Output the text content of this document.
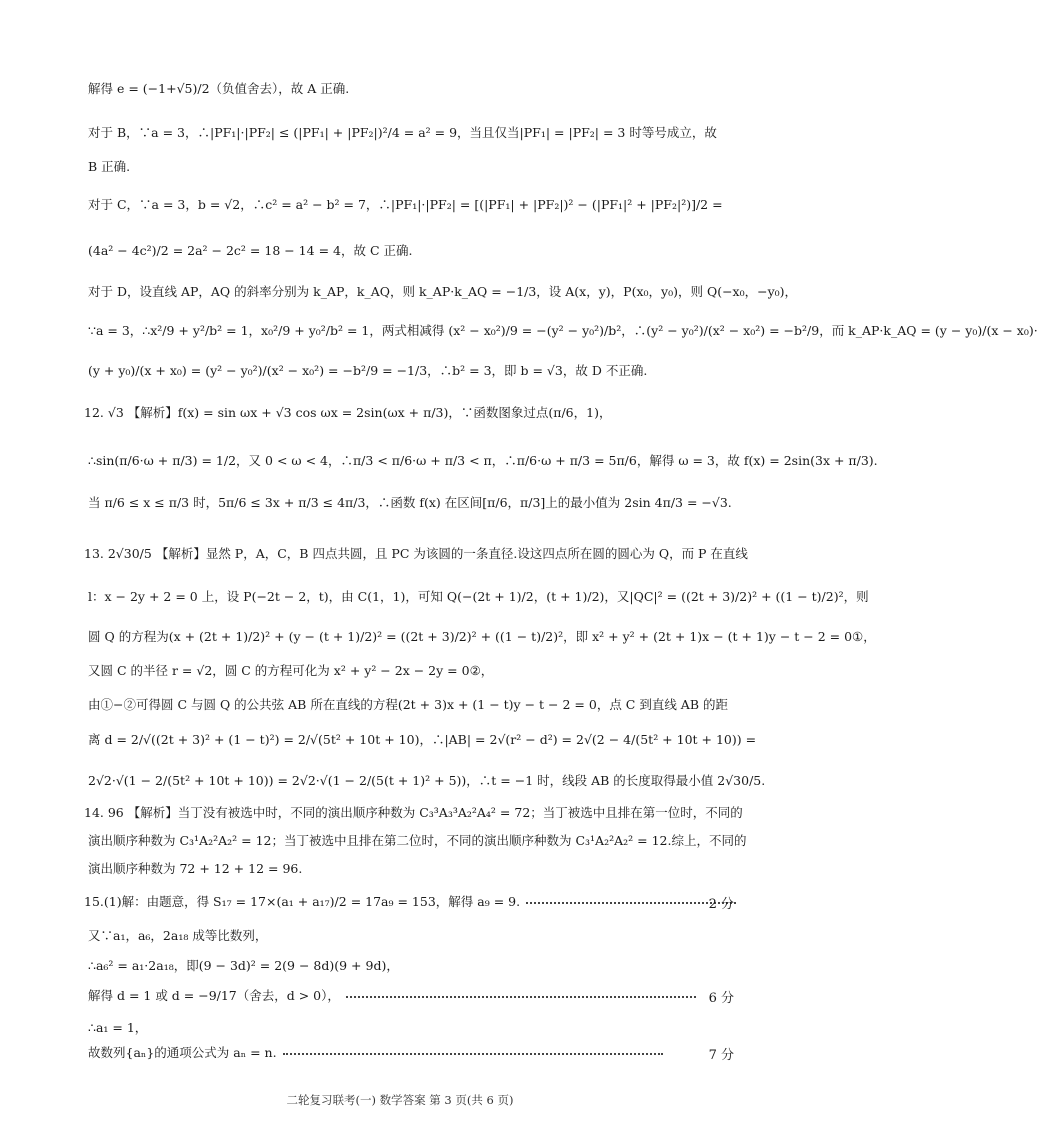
解得 e = (−1+√5)/2（负值舍去），故 A 正确.
对于 B，∵a = 3，∴|PF₁|·|PF₂| ≤ (|PF₁| + |PF₂|)²/4 = a² = 9，当且仅当|PF₁| = |PF₂| = 3 时等号成立，故
B 正确.
对于 C，∵a = 3，b = √2，∴c² = a² − b² = 7，∴|PF₁|·|PF₂| = [(|PF₁| + |PF₂|)² − (|PF₁|² + |PF₂|²)]/2 =
(4a² − 4c²)/2 = 2a² − 2c² = 18 − 14 = 4，故 C 正确.
对于 D，设直线 AP，AQ 的斜率分别为 k_AP，k_AQ，则 k_AP·k_AQ = −1/3，设 A(x，y)，P(x₀，y₀)，则 Q(−x₀，−y₀)，
∵a = 3，∴x²/9 + y²/b² = 1，x₀²/9 + y₀²/b² = 1，两式相减得 (x² − x₀²)/9 = −(y² − y₀²)/b²，∴(y² − y₀²)/(x² − x₀²) = −b²/9，而 k_AP·k_AQ = (y − y₀)/(x − x₀)·
(y + y₀)/(x + x₀) = (y² − y₀²)/(x² − x₀²) = −b²/9 = −1/3，∴b² = 3，即 b = √3，故 D 不正确.
12. √3 【解析】f(x) = sin ωx + √3 cos ωx = 2sin(ωx + π/3)，∵函数图象过点(π/6，1)，
∴sin(π/6·ω + π/3) = 1/2，又 0 < ω < 4，∴π/3 < π/6·ω + π/3 < π，∴π/6·ω + π/3 = 5π/6，解得 ω = 3，故 f(x) = 2sin(3x + π/3).
当 π/6 ≤ x ≤ π/3 时，5π/6 ≤ 3x + π/3 ≤ 4π/3，∴函数 f(x) 在区间[π/6，π/3]上的最小值为 2sin 4π/3 = −√3.
13. 2√30/5 【解析】显然 P，A，C，B 四点共圆，且 PC 为该圆的一条直径.设这四点所在圆的圆心为 Q，而 P 在直线
l：x − 2y + 2 = 0 上，设 P(−2t − 2，t)，由 C(1，1)，可知 Q(−(2t + 1)/2，(t + 1)/2)，又|QC|² = ((2t + 3)/2)² + ((1 − t)/2)²，则
圆 Q 的方程为(x + (2t + 1)/2)² + (y − (t + 1)/2)² = ((2t + 3)/2)² + ((1 − t)/2)²，即 x² + y² + (2t + 1)x − (t + 1)y − t − 2 = 0①，
又圆 C 的半径 r = √2，圆 C 的方程可化为 x² + y² − 2x − 2y = 0②，
由①−②可得圆 C 与圆 Q 的公共弦 AB 所在直线的方程(2t + 3)x + (1 − t)y − t − 2 = 0，点 C 到直线 AB 的距
离 d = 2/√((2t + 3)² + (1 − t)²) = 2/√(5t² + 10t + 10)，∴|AB| = 2√(r² − d²) = 2√(2 − 4/(5t² + 10t + 10)) =
2√2·√(1 − 2/(5t² + 10t + 10)) = 2√2·√(1 − 2/(5(t + 1)² + 5))，∴t = −1 时，线段 AB 的长度取得最小值 2√30/5.
14. 96 【解析】当丁没有被选中时，不同的演出顺序种数为 C₃³A₃³A₂²A₄² = 72；当丁被选中且排在第一位时，不同的
演出顺序种数为 C₃¹A₂²A₂² = 12；当丁被选中且排在第二位时，不同的演出顺序种数为 C₃¹A₂²A₂² = 12.综上，不同的
演出顺序种数为 72 + 12 + 12 = 96.
15.(1)解：由题意，得 S₁₇ = 17×(a₁ + a₁₇)/2 = 17a₉ = 153，解得 a₉ = 9.	2 分
又∵a₁，a₆，2a₁₈ 成等比数列，
∴a₆² = a₁·2a₁₈，即(9 − 3d)² = 2(9 − 8d)(9 + 9d)，
解得 d = 1 或 d = −9/17（舍去，d > 0），	6 分
∴a₁ = 1，
故数列{aₙ}的通项公式为 aₙ = n.	7 分
二轮复习联考(一) 数学答案 第 3 页(共 6 页)
